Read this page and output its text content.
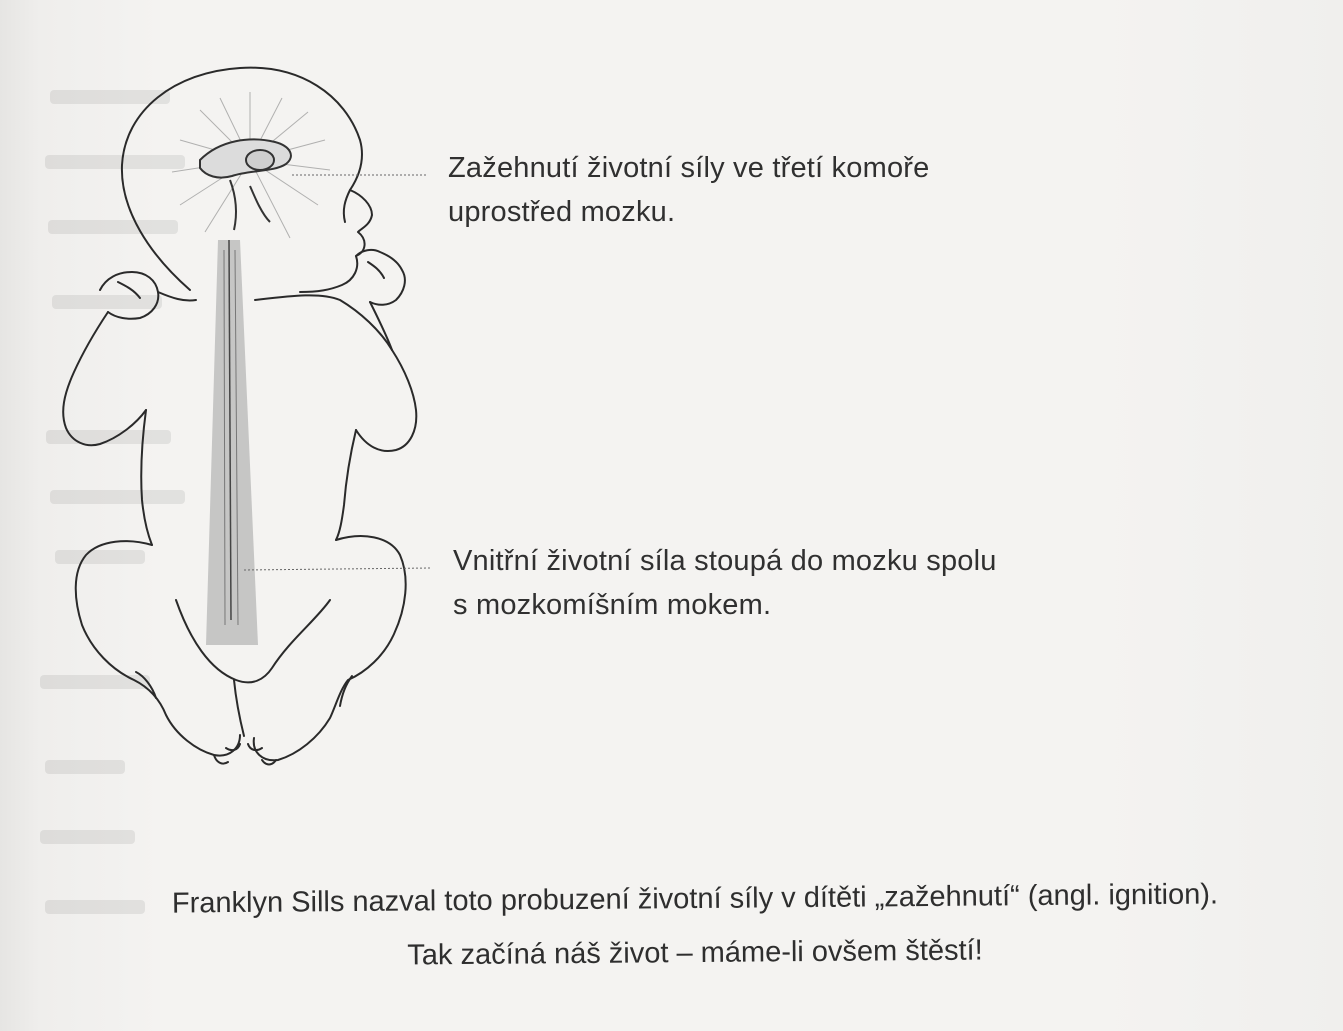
Zažehnutí životní síly ve třetí komoře
uprostřed mozku.
Vnitřní životní síla stoupá do mozku spolu
s mozkomíšním mokem.
Franklyn Sills nazval toto probuzení životní síly v dítěti „zažehnutí“ (angl. ignition).
Tak začíná náš život – máme-li ovšem štěstí!
